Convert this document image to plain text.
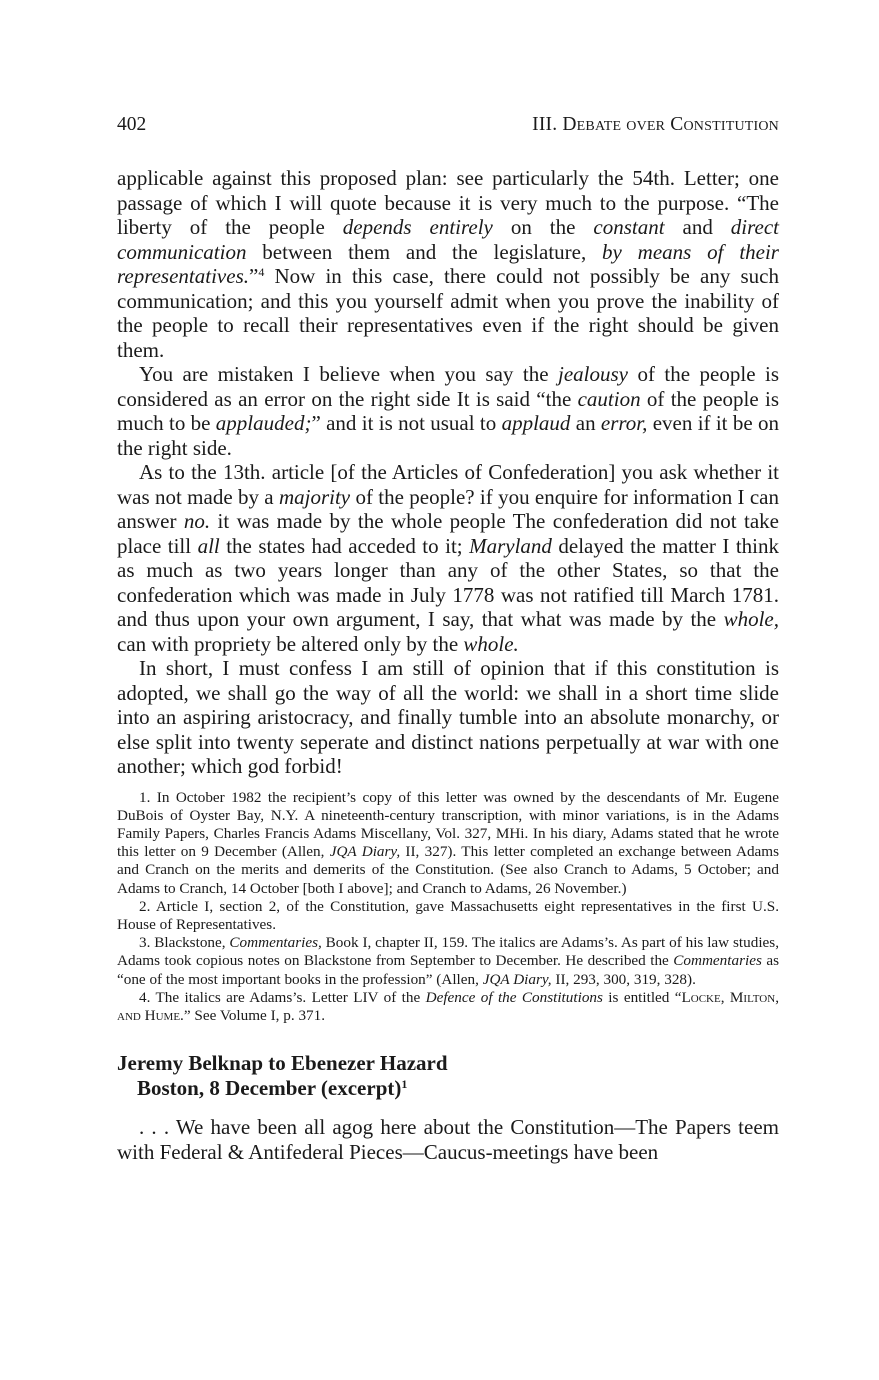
402	III. Debate over Constitution

applicable against this proposed plan: see particularly the 54th. Letter; one passage of which I will quote because it is very much to the purpose. “The liberty of the people depends entirely on the constant and direct communication between them and the legislature, by means of their representatives.”$^4$ Now in this case, there could not possibly be any such communication; and this you yourself admit when you prove the inability of the people to recall their representatives even if the right should be given them.

You are mistaken I believe when you say the jealousy of the people is considered as an error on the right side It is said “the caution of the people is much to be applauded;” and it is not usual to applaud an error, even if it be on the right side.

As to the 13th. article [of the Articles of Confederation] you ask whether it was not made by a majority of the people? if you enquire for information I can answer no. it was made by the whole people The confederation did not take place till all the states had acceded to it; Maryland delayed the matter I think as much as two years longer than any of the other States, so that the confederation which was made in July 1778 was not ratified till March 1781. and thus upon your own argument, I say, that what was made by the whole, can with propriety be altered only by the whole.

In short, I must confess I am still of opinion that if this constitution is adopted, we shall go the way of all the world: we shall in a short time slide into an aspiring aristocracy, and finally tumble into an absolute monarchy, or else split into twenty seperate and distinct nations perpetually at war with one another; which god forbid!

1. In October 1982 the recipient’s copy of this letter was owned by the descendants of Mr. Eugene DuBois of Oyster Bay, N.Y. A nineteenth-century transcription, with minor variations, is in the Adams Family Papers, Charles Francis Adams Miscellany, Vol. 327, MHi. In his diary, Adams stated that he wrote this letter on 9 December (Allen, JQA Diary, II, 327). This letter completed an exchange between Adams and Cranch on the merits and demerits of the Constitution. (See also Cranch to Adams, 5 October; and Adams to Cranch, 14 October [both I above]; and Cranch to Adams, 26 November.)

2. Article I, section 2, of the Constitution, gave Massachusetts eight representatives in the first U.S. House of Representatives.

3. Blackstone, Commentaries, Book I, chapter II, 159. The italics are Adams’s. As part of his law studies, Adams took copious notes on Blackstone from September to December. He described the Commentaries as “one of the most important books in the profession” (Allen, JQA Diary, II, 293, 300, 319, 328).

4. The italics are Adams’s. Letter LIV of the Defence of the Constitutions is entitled “Locke, Milton, and Hume.” See Volume I, p. 371.

Jeremy Belknap to Ebenezer Hazard
Boston, 8 December (excerpt)$^1$

. . . We have been all agog here about the Constitution—The Papers teem with Federal & Antifederal Pieces—Caucus-meetings have been
